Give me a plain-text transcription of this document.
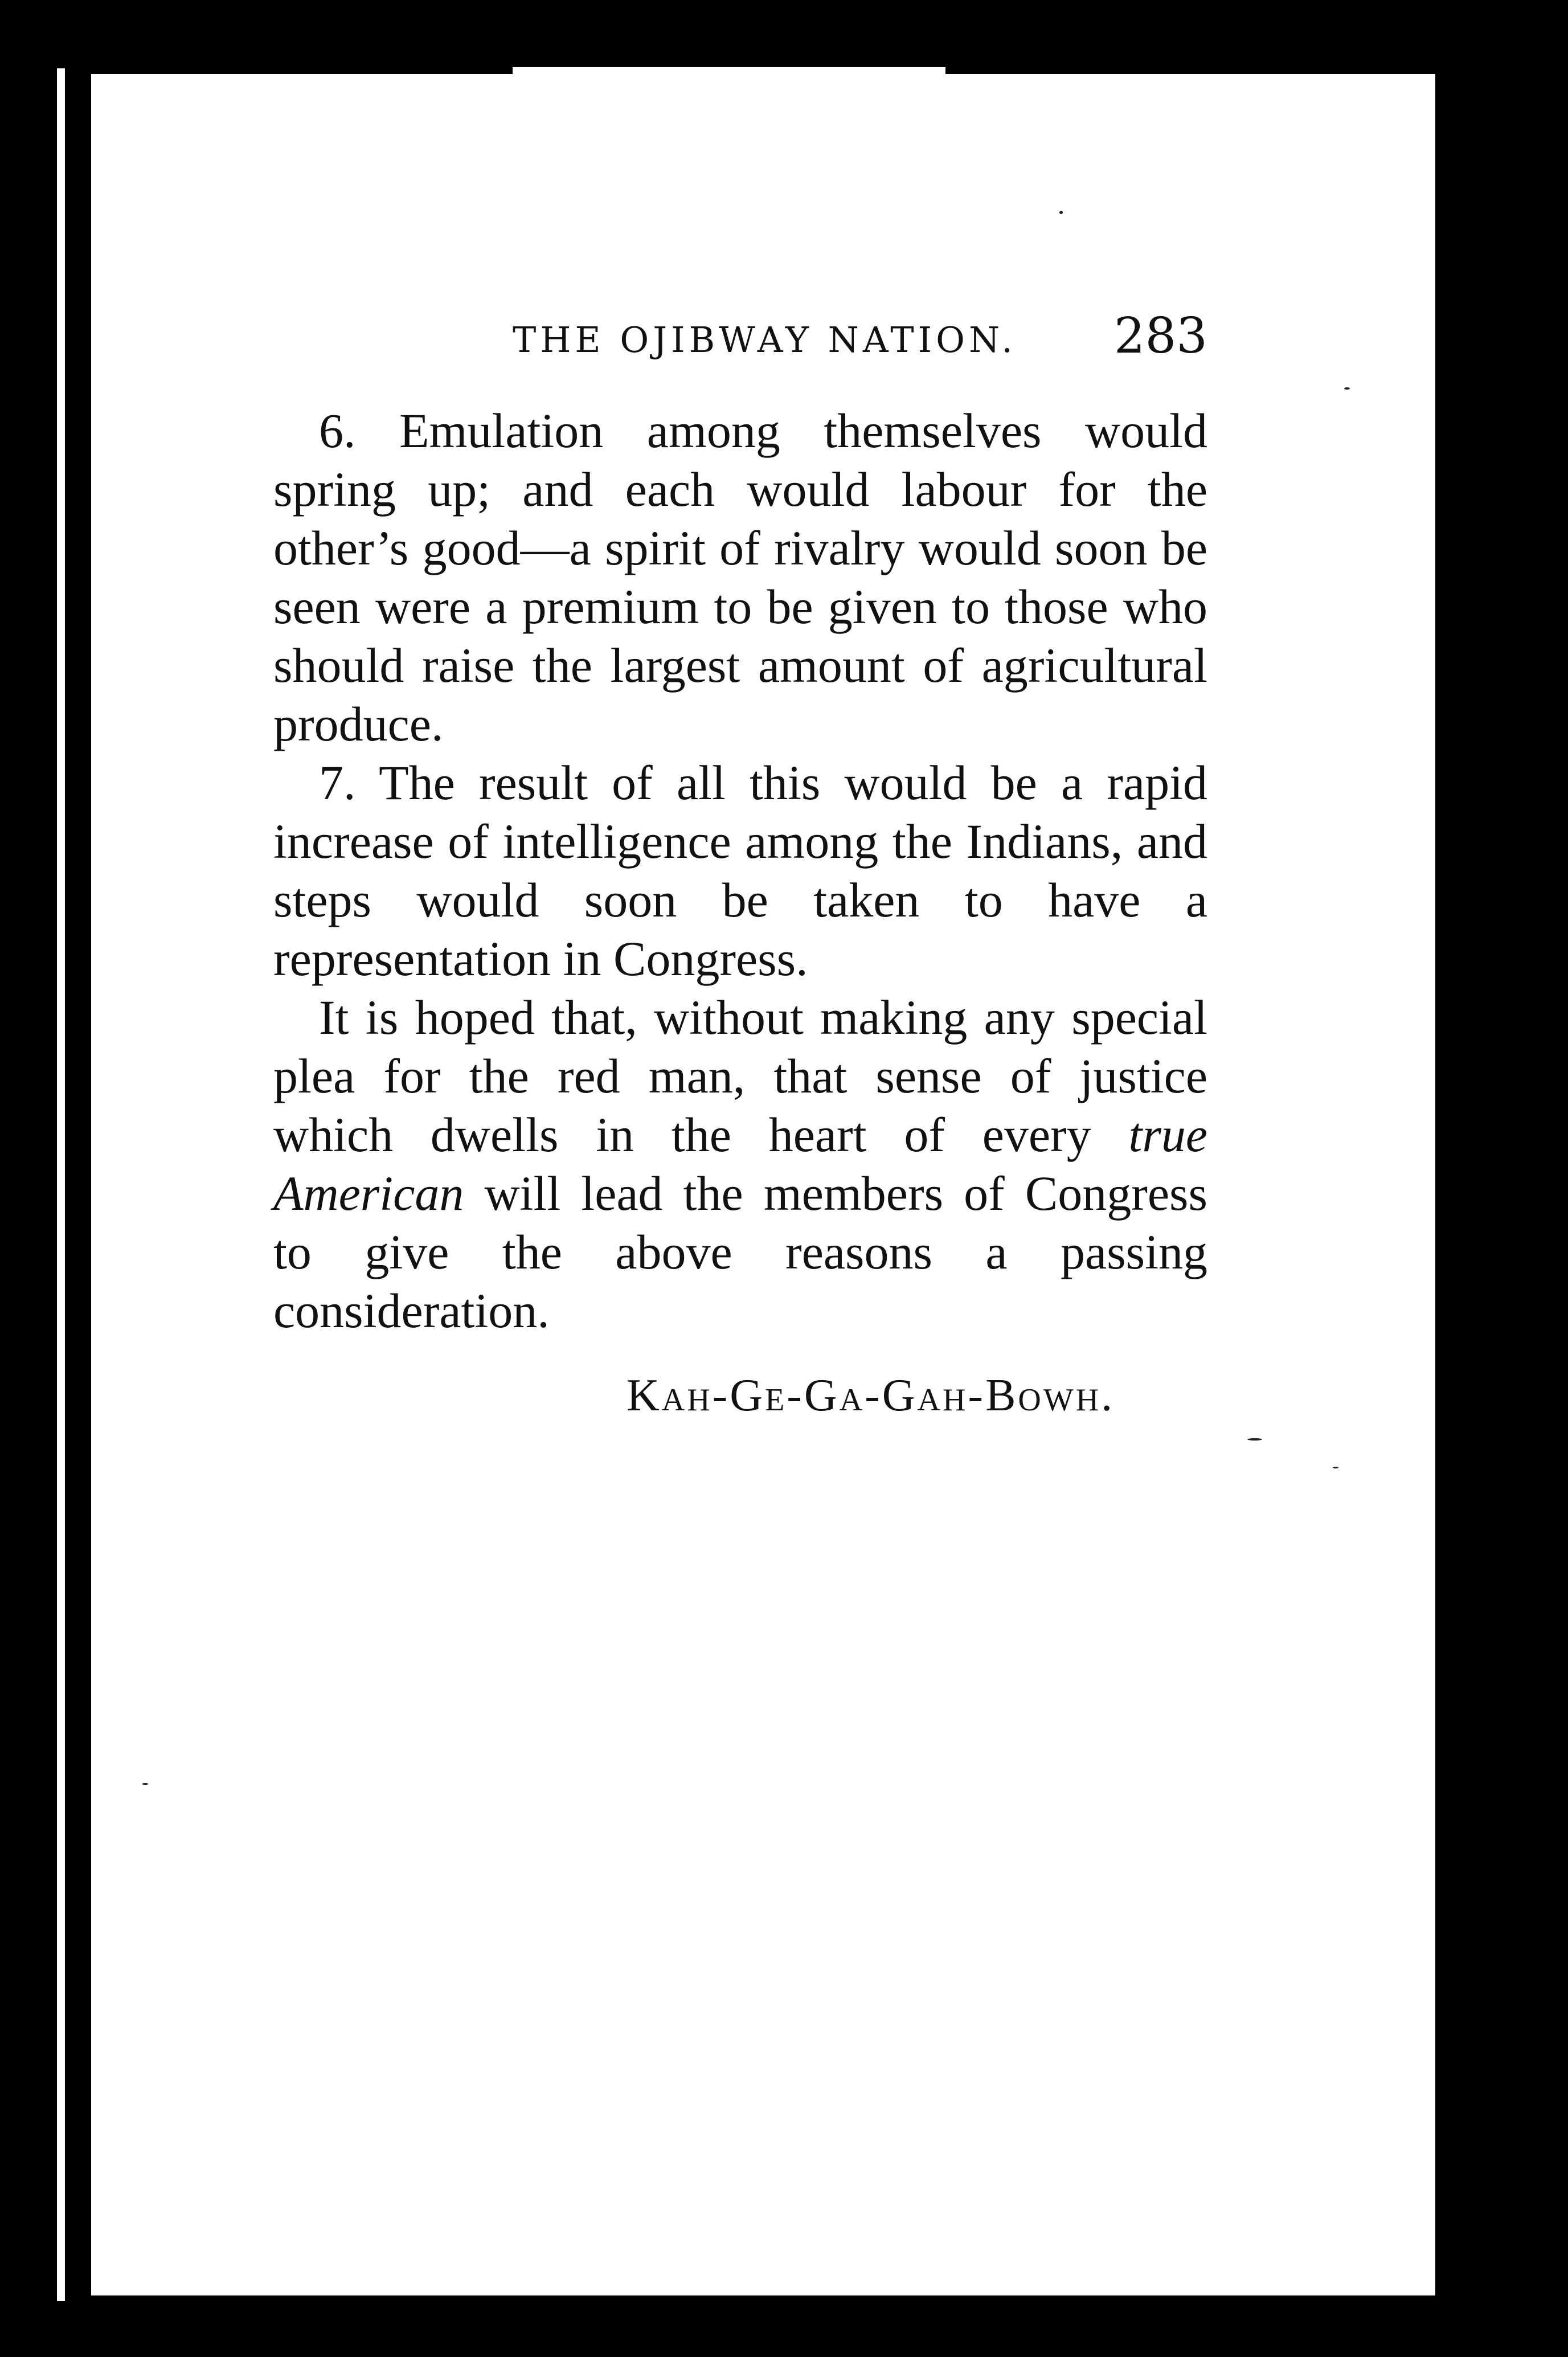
THE OJIBWAY NATION. 283

6. Emulation among themselves would spring up; and each would labour for the other’s good—a spirit of rivalry would soon be seen were a premium to be given to those who should raise the largest amount of agricultural produce.

7. The result of all this would be a rapid increase of intelligence among the Indians, and steps would soon be taken to have a representation in Congress.

It is hoped that, without making any special plea for the red man, that sense of justice which dwells in the heart of every true American will lead the members of Congress to give the above reasons a passing consideration.

Kah-Ge-Ga-Gah-Bowh.
